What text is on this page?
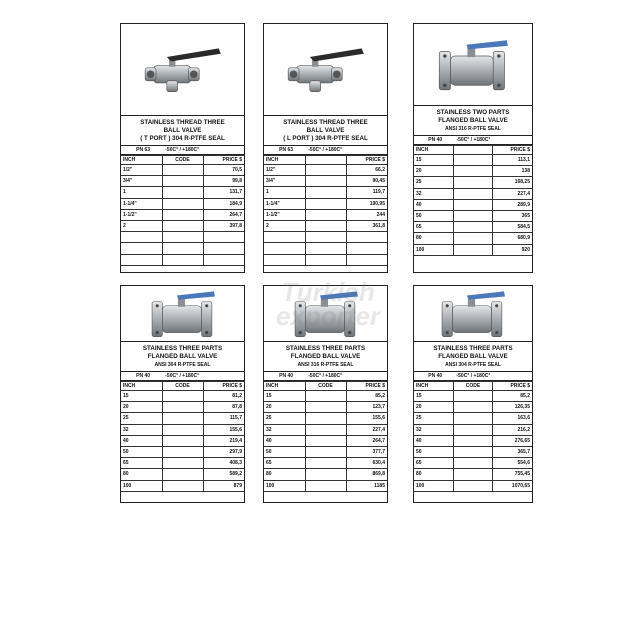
STAINLESS THREAD THREE
BALL VALVE
( T PORT ) 304 R-PTFE SEAL
PN 63	-50C° / +180C°
INCH	CODE	PRICE $
1/2"		70,5
3/4"		99,8
1		131,7
1-1/4"		184,9
1-1/2"		264,7
2		397,8

STAINLESS THREAD THREE
BALL VALVE
( L PORT ) 304 R-PTFE SEAL
PN 63	-50C° / +180C°
INCH		PRICE $
1/2"		66,2
3/4"		90,45
1		119,7
1-1/4"		190,95
1-1/2"		244
2		361,8

STAINLESS TWO PARTS
FLANGED BALL VALVE
ANSI 316 R-PTFE SEAL
PN 40	-50C° / +180C°
INCH		PRICE $
15		113,1
20		138
25		168,25
32		227,4
40		289,9
50		365
65		584,5
80		680,9
100		920
STAINLESS THREE PARTS
FLANGED BALL VALVE
ANSI 304 R-PTFE SEAL
PN 40	-50C° / +180C°
INCH	CODE	PRICE $
15		81,2
20		87,8
25		115,7
32		155,6
40		219,4
50		297,9
65		408,3
80		589,2
100		879
STAINLESS THREE PARTS
FLANGED BALL VALVE
ANSI 316 R-PTFE SEAL
PN 40	-50C° / +180C°
INCH	CODE	PRICE $
15		85,2
20		123,7
25		155,6
32		227,4
40		264,7
50		377,7
65		630,4
80		869,8
100		1185
STAINLESS THREE PARTS
FLANGED BALL VALVE
ANSI 304 R-PTFE SEAL
PN 40	-50C° / +180C°
INCH	CODE	PRICE $
15		85,2
20		126,35
25		163,6
32		216,2
40		276,65
50		365,7
65		554,6
80		755,45
100		1070,65
